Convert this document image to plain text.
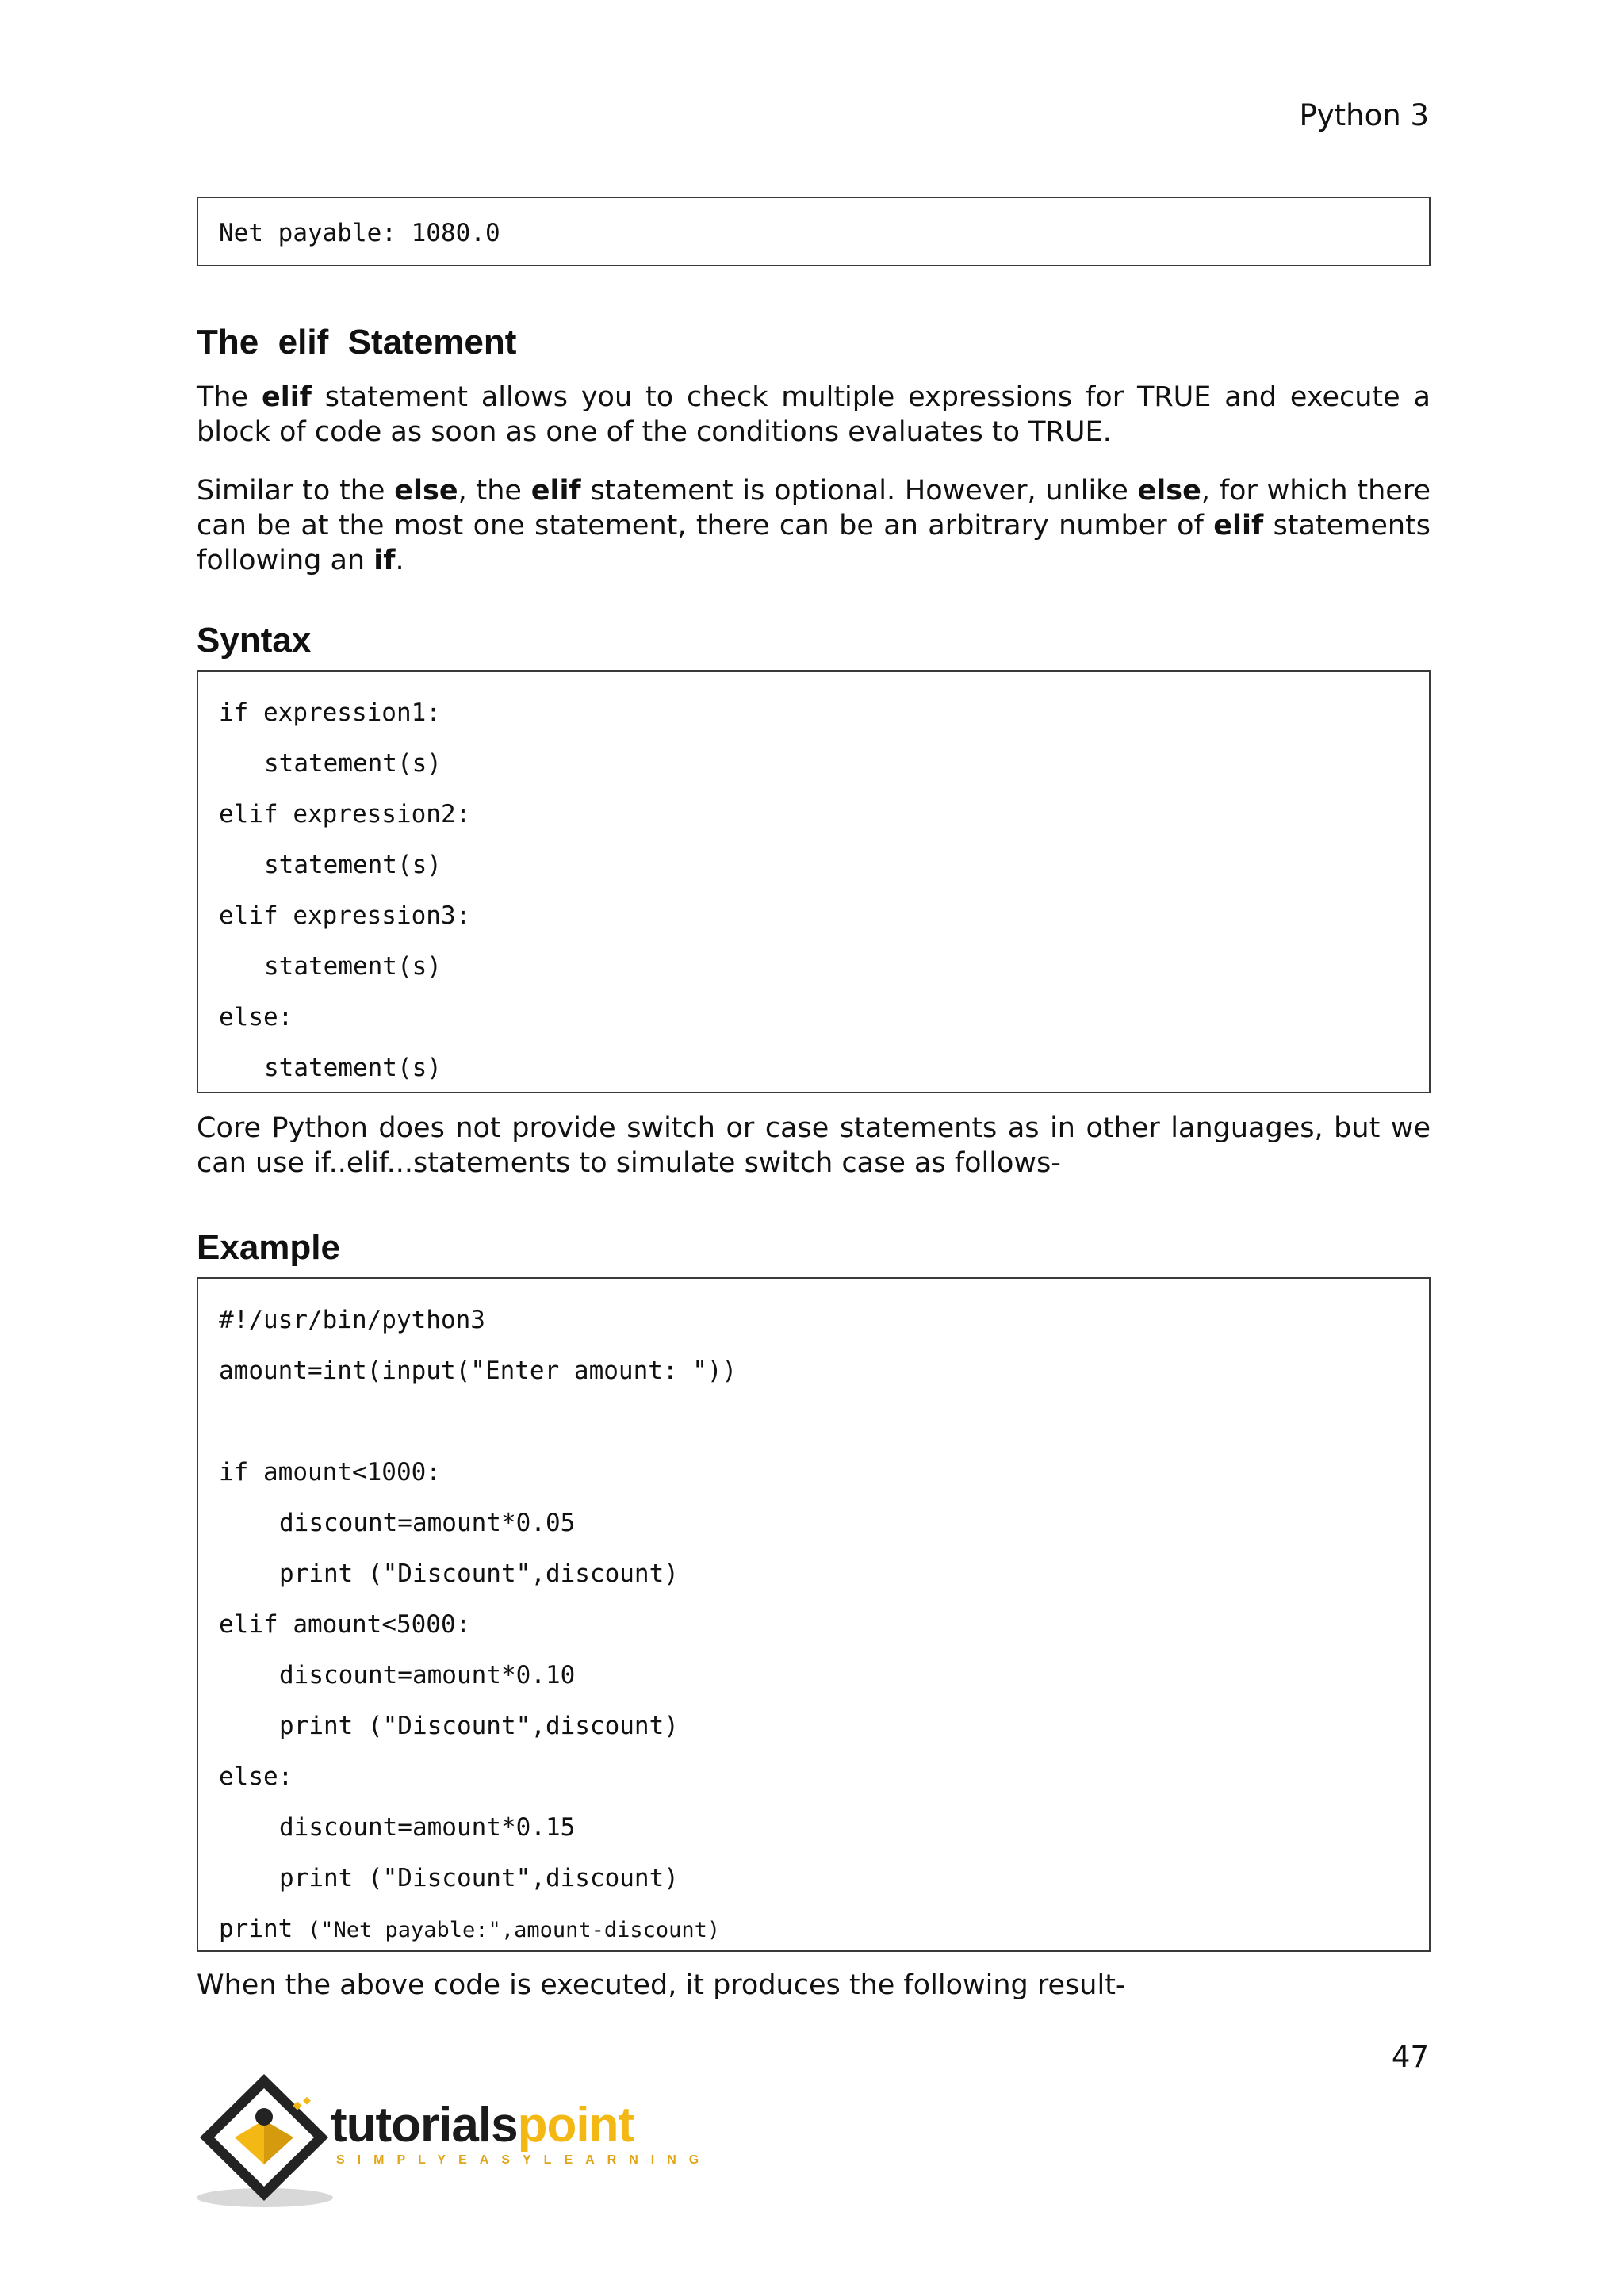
Python 3
Net payable: 1080.0
The  elif  Statement

The elif statement allows you to check multiple expressions for TRUE and execute a block of code as soon as one of the conditions evaluates to TRUE.

Similar to the else, the elif statement is optional. However, unlike else, for which there can be at the most one statement, there can be an arbitrary number of elif statements following an if.

Syntax
if expression1:
statement(s)
elif expression2:
statement(s)
elif expression3:
statement(s)
else:
statement(s)

Core Python does not provide switch or case statements as in other languages, but we can use if..elif...statements to simulate switch case as follows-

Example
#!/usr/bin/python3
amount=int(input("Enter amount: "))
if amount<1000:
discount=amount*0.05
print ("Discount",discount)
elif amount<5000:
discount=amount*0.10
print ("Discount",discount)
else:
discount=amount*0.15
print ("Discount",discount)
print ("Net payable:",amount-discount)

When the above code is executed, it produces the following result-

47
tutorialspoint
SIMPLYEASYLEARNING
